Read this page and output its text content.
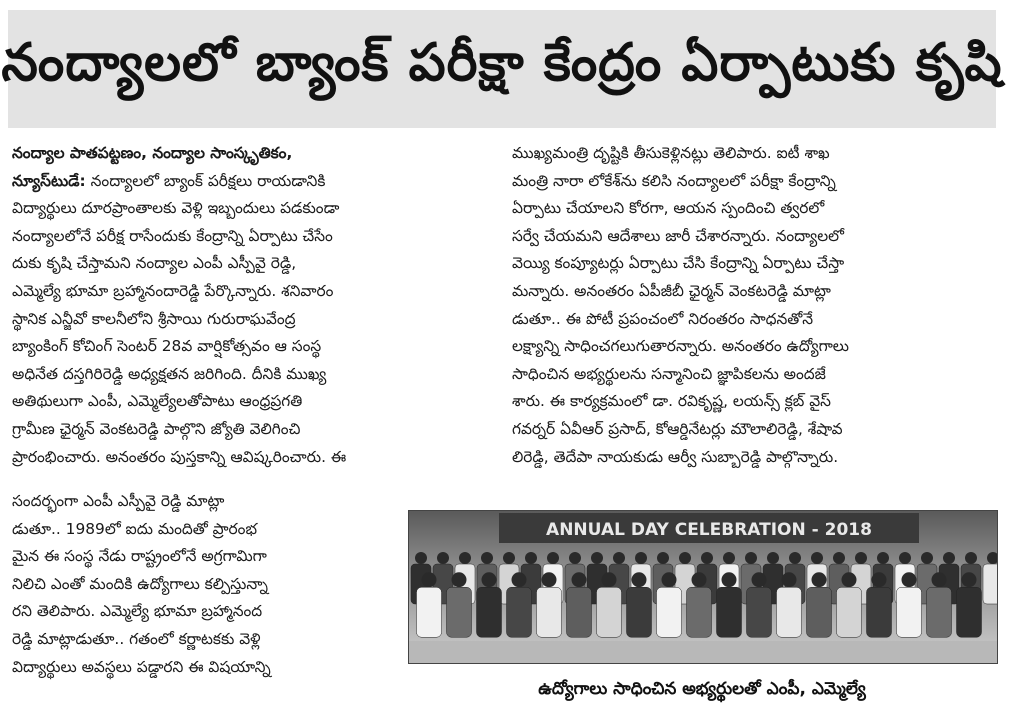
నంద్యాలలో బ్యాంక్ పరీక్షా కేంద్రం ఏర్పాటుకు కృషి

నంద్యాల పాతపట్టణం, నంద్యాల సాంస్కృతికం,

న్యూస్‌టుడే: నంద్యాలలో బ్యాంక్ పరీక్షలు రాయడానికి

విద్యార్థులు దూరప్రాంతాలకు వెళ్లి ఇబ్బందులు పడకుండా

నంద్యాలలోనే పరీక్ష రాసేందుకు కేంద్రాన్ని ఏర్పాటు చేసేం

దుకు కృషి చేస్తామని నంద్యాల ఎంపీ ఎస్పీవై రెడ్డి,

ఎమ్మెల్యే భూమా బ్రహ్మానందారెడ్డి పేర్కొన్నారు. శనివారం

స్థానిక ఎన్జీవో కాలనీలోని శ్రీసాయి గురురాఘవేంద్ర

బ్యాంకింగ్ కోచింగ్ సెంటర్ 28వ వార్షికోత్సవం ఆ సంస్థ

అధినేత దస్తగిరిరెడ్డి అధ్యక్షతన జరిగింది. దీనికి ముఖ్య

అతిథులుగా ఎంపీ, ఎమ్మెల్యేలతోపాటు ఆంధ్రప్రగతి

గ్రామీణ ఛైర్మన్ వెంకటరెడ్డి పాల్గొని జ్యోతి వెలిగించి

ప్రారంభించారు. అనంతరం పుస్తకాన్ని ఆవిష్కరించారు. ఈ

సందర్భంగా ఎంపీ ఎస్పీవై రెడ్డి మాట్లా

డుతూ.. 1989లో ఐదు మందితో ప్రారంభ

మైన ఈ సంస్థ నేడు రాష్ట్రంలోనే అగ్రగామిగా

నిలిచి ఎంతో మందికి ఉద్యోగాలు కల్పిస్తున్నా

రని తెలిపారు. ఎమ్మెల్యే భూమా బ్రహ్మానంద

రెడ్డి మాట్లాడుతూ.. గతంలో కర్ణాటకకు వెళ్లి

విద్యార్థులు అవస్థలు పడ్డారని ఈ విషయాన్ని

ముఖ్యమంత్రి దృష్టికి తీసుకెళ్లినట్లు తెలిపారు. ఐటీ శాఖ

మంత్రి నారా లోకేశ్‌ను కలిసి నంద్యాలలో పరీక్షా కేంద్రాన్ని

ఏర్పాటు చేయాలని కోరగా, ఆయన స్పందించి త్వరలో

సర్వే చేయమని ఆదేశాలు జారీ చేశారన్నారు. నంద్యాలలో

వెయ్యి కంప్యూటర్లు ఏర్పాటు చేసి కేంద్రాన్ని ఏర్పాటు చేస్తా

మన్నారు. అనంతరం ఏపీజీబీ ఛైర్మన్ వెంకటరెడ్డి మాట్లా

డుతూ.. ఈ పోటీ ప్రపంచంలో నిరంతరం సాధనతోనే

లక్ష్యాన్ని సాధించగలుగుతారన్నారు. అనంతరం ఉద్యోగాలు

సాధించిన అభ్యర్థులను సన్మానించి జ్ఞాపికలను అందజే

శారు. ఈ కార్యక్రమంలో డా. రవికృష్ణ, లయన్స్ క్లబ్ వైస్

గవర్నర్ ఏవీఆర్ ప్రసాద్, కోఆర్డినేటర్లు మౌలాలిరెడ్డి, శేషావ

లిరెడ్డి, తెదేపా నాయకుడు ఆర్వీ సుబ్బారెడ్డి పాల్గొన్నారు.

ANNUAL DAY CELEBRATION - 2018
ఉద్యోగాలు సాధించిన అభ్యర్థులతో ఎంపీ, ఎమ్మెల్యే
